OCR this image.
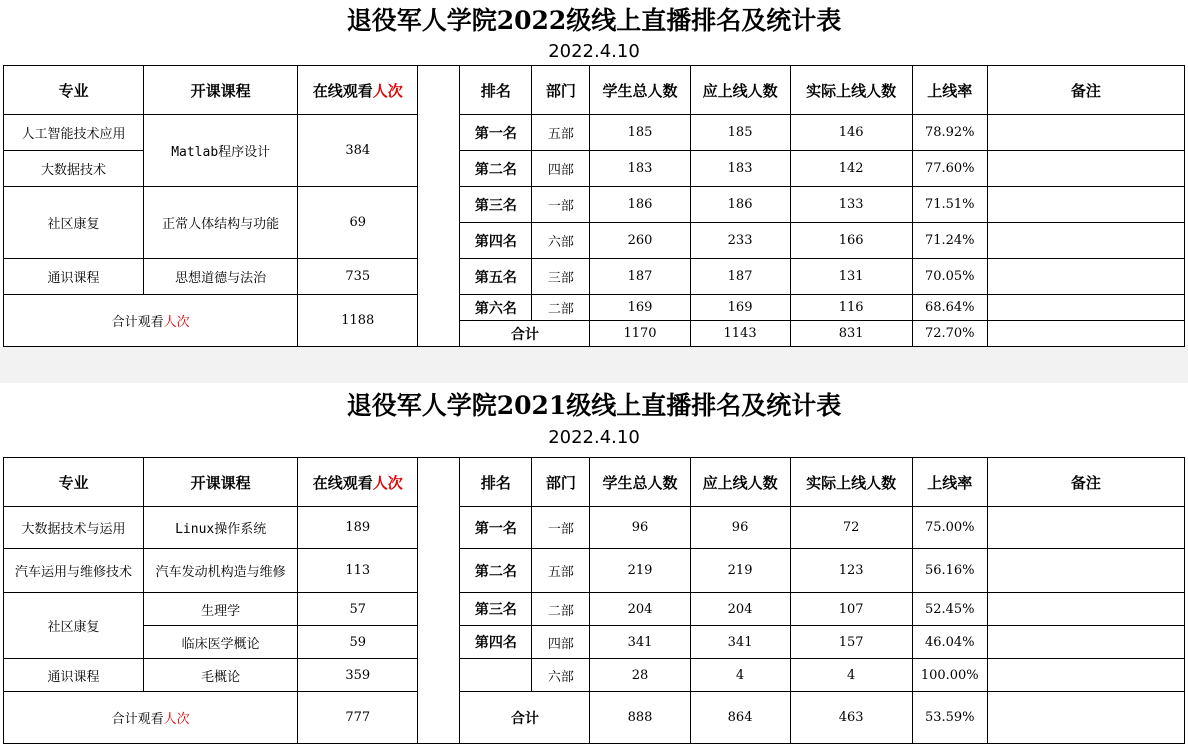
退役军人学院2022级线上直播排名及统计表
2022.4.10
专业	开课课程	在线观看人次		排名	部门	学生总人数	应上线人数	实际上线人数	上线率	备注
人工智能技术应用	Matlab程序设计	384		第一名	五部	185	185	146	78.92%	
大数据技术				第二名	四部	183	183	142	77.60%	
社区康复	正常人体结构与功能	69		第三名	一部	186	186	133	71.51%	
				第四名	六部	260	233	166	71.24%	
通识课程	思想道德与法治	735		第五名	三部	187	187	131	70.05%	
合计观看人次		1188		第六名	二部	169	169	116	68.64%	
				合计		1170	1143	831	72.70%	
退役军人学院2021级线上直播排名及统计表
2022.4.10
专业	开课课程	在线观看人次		排名	部门	学生总人数	应上线人数	实际上线人数	上线率	备注
大数据技术与运用	Linux操作系统	189		第一名	一部	96	96	72	75.00%	
汽车运用与维修技术	汽车发动机构造与维修	113		第二名	五部	219	219	123	56.16%	
社区康复	生理学	57		第三名	二部	204	204	107	52.45%	
	临床医学概论	59		第四名	四部	341	341	157	46.04%	
通识课程	毛概论	359			六部	28	4	4	100.00%	
合计观看人次		777		合计		888	864	463	53.59%	
